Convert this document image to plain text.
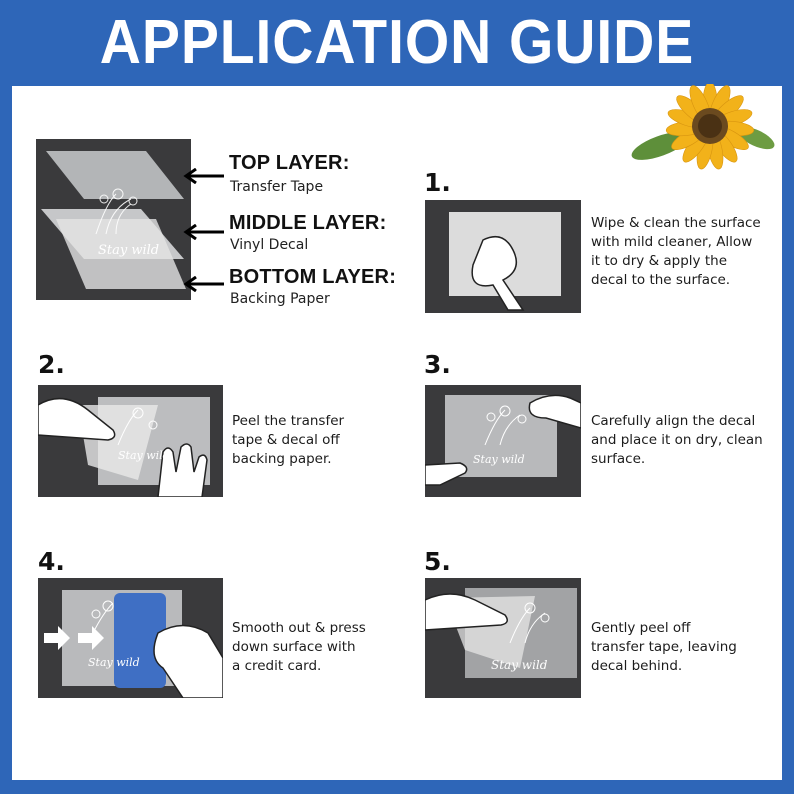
APPLICATION GUIDE
Stay wild
TOP LAYER:
Transfer Tape
MIDDLE LAYER:
Vinyl Decal
BOTTOM LAYER:
Backing Paper
1.
Wipe & clean the surface
with mild cleaner, Allow
it to dry & apply the
decal to the surface.
2.
Stay wild
Peel the transfer
tape & decal off
backing paper.
3.
Stay wild
Carefully align the decal
and place it on dry, clean
surface.
4.
Stay wild
Smooth out & press
down surface with
a credit card.
5.
Stay wild
Gently peel off
transfer tape, leaving
decal behind.
